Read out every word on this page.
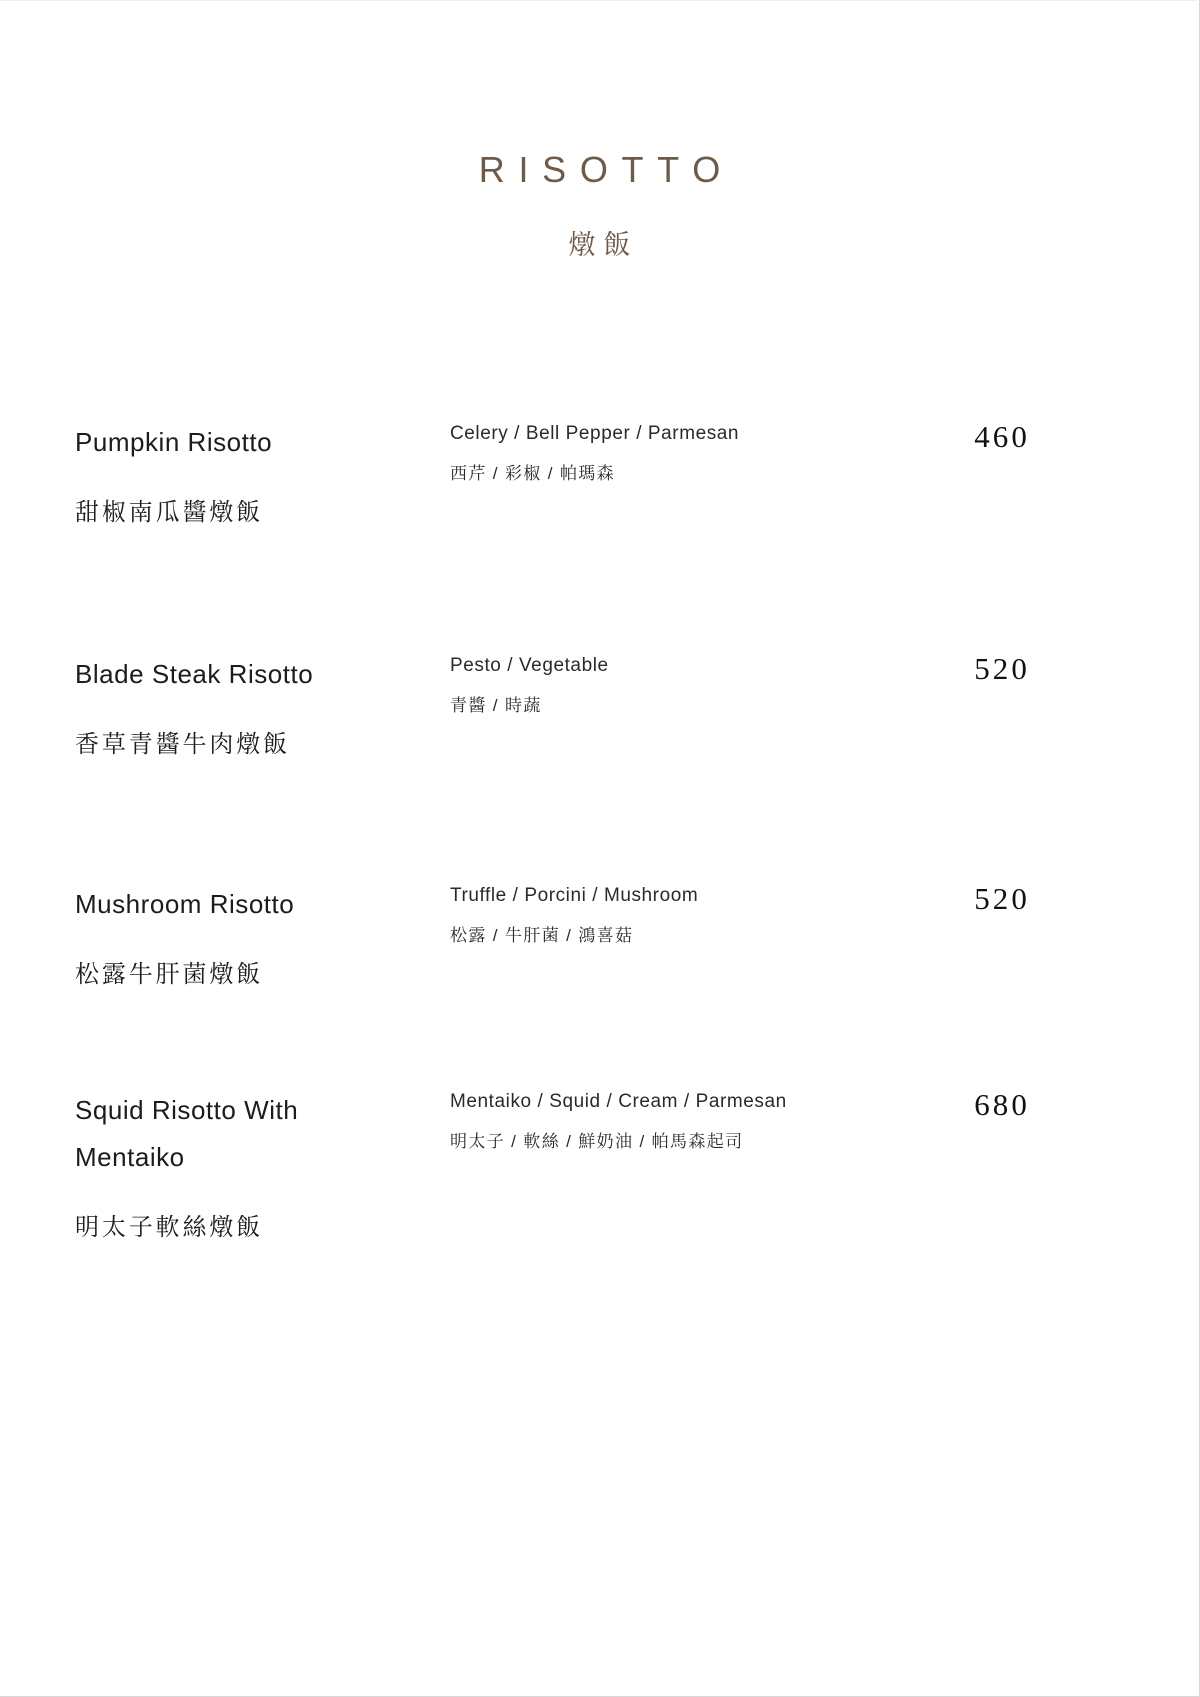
RISOTTO
燉飯
Pumpkin Risotto
甜椒南瓜醬燉飯
Celery / Bell Pepper / Parmesan
西芹 / 彩椒 / 帕瑪森
460
Blade Steak Risotto
香草青醬牛肉燉飯
Pesto / Vegetable
青醬 / 時蔬
520
Mushroom Risotto
松露牛肝菌燉飯
Truffle / Porcini / Mushroom
松露 / 牛肝菌 / 鴻喜菇
520
Squid Risotto With Mentaiko
明太子軟絲燉飯
Mentaiko / Squid / Cream / Parmesan
明太子 / 軟絲 / 鮮奶油 / 帕馬森起司
680
